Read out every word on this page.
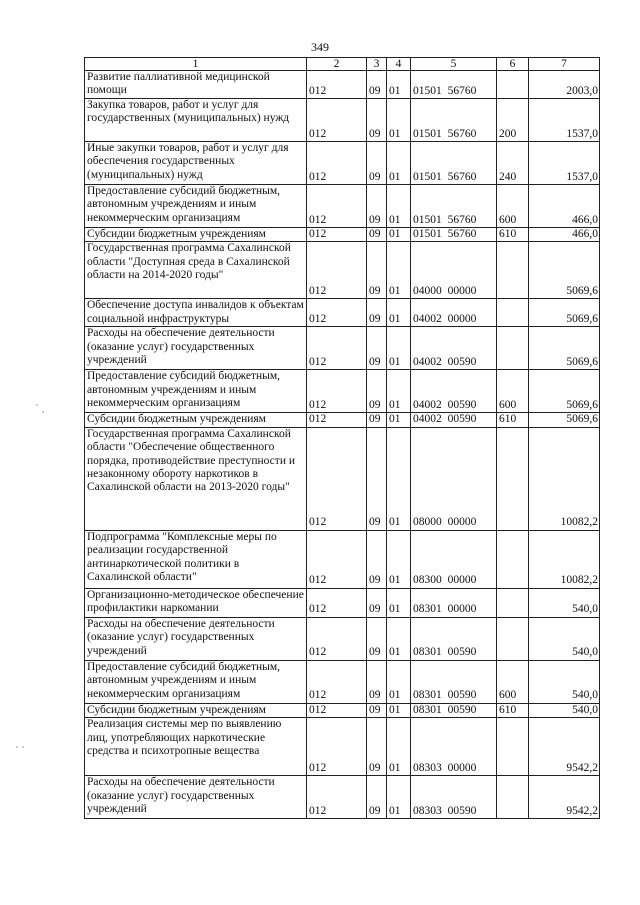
349
1	2	3	4	5	6	7
Развитие паллиативной медицинской помощи	012	09	01	01501 56760		2003,0
Закупка товаров, работ и услуг для государственных (муниципальных) нужд	012	09	01	01501 56760	200	1537,0
Иные закупки товаров, работ и услуг для обеспечения государственных (муниципальных) нужд	012	09	01	01501 56760	240	1537,0
Предоставление субсидий бюджетным, автономным учреждениям и иным некоммерческим организациям	012	09	01	01501 56760	600	466,0
Субсидии бюджетным учреждениям	012	09	01	01501 56760	610	466,0
Государственная программа Сахалинской области "Доступная среда в Сахалинской области на 2014-2020 годы"	012	09	01	04000 00000		5069,6
Обеспечение доступа инвалидов к объектам социальной инфраструктуры	012	09	01	04002 00000		5069,6
Расходы на обеспечение деятельности (оказание услуг) государственных учреждений	012	09	01	04002 00590		5069,6
Предоставление субсидий бюджетным, автономным учреждениям и иным некоммерческим организациям	012	09	01	04002 00590	600	5069,6
Субсидии бюджетным учреждениям	012	09	01	04002 00590	610	5069,6
Государственная программа Сахалинской области "Обеспечение общественного порядка, противодействие преступности и незаконному обороту наркотиков в Сахалинской области на 2013-2020 годы"	012	09	01	08000 00000		10082,2
Подпрограмма "Комплексные меры по реализации государственной антинаркотической политики в Сахалинской области"	012	09	01	08300 00000		10082,2
Организационно-методическое обеспечение профилактики наркомании	012	09	01	08301 00000		540,0
Расходы на обеспечение деятельности (оказание услуг) государственных учреждений	012	09	01	08301 00590		540,0
Предоставление субсидий бюджетным, автономным учреждениям и иным некоммерческим организациям	012	09	01	08301 00590	600	540,0
Субсидии бюджетным учреждениям	012	09	01	08301 00590	610	540,0
Реализация системы мер по выявлению лиц, употребляющих наркотические средства и психотропные вещества	012	09	01	08303 00000		9542,2
Расходы на обеспечение деятельности (оказание услуг) государственных учреждений	012	09	01	08303 00590		9542,2
